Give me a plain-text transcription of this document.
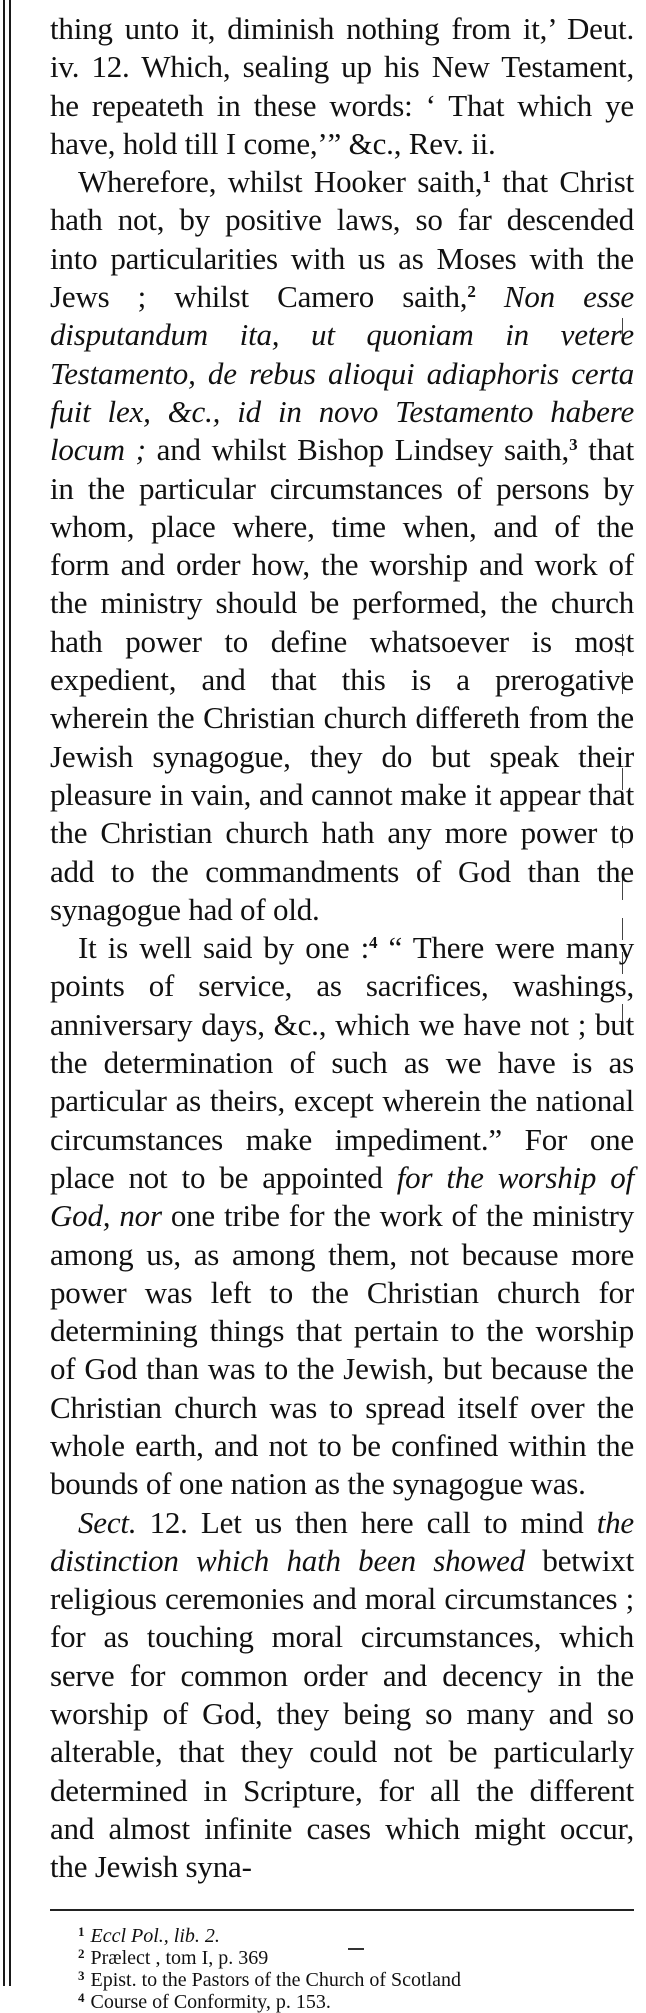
thing unto it, diminish nothing from it,’ Deut. iv. 12. Which, sealing up his New Testament, he repeateth in these words: ‘ That which ye have, hold till I come,’” &c., Rev. ii.

Wherefore, whilst Hooker saith,$^1$ that Christ hath not, by positive laws, so far descended into particularities with us as Moses with the Jews ; whilst Camero saith,$^2$ Non esse disputandum ita, ut quoniam in vetere Testamento, de rebus alioqui adiaphoris certa fuit lex, &c., id in novo Testamento habere locum ; and whilst Bishop Lindsey saith,$^3$ that in the particular circumstances of persons by whom, place where, time when, and of the form and order how, the worship and work of the ministry should be performed, the church hath power to define whatsoever is most expedient, and that this is a prerogative wherein the Christian church differeth from the Jewish synagogue, they do but speak their pleasure in vain, and cannot make it appear that the Christian church hath any more power to add to the commandments of God than the synagogue had of old.

It is well said by one :$^4$ “ There were many points of service, as sacrifices, washings, anniversary days, &c., which we have not ; but the determination of such as we have is as particular as theirs, except wherein the national circumstances make impediment.” For one place not to be appointed for the worship of God, nor one tribe for the work of the ministry among us, as among them, not because more power was left to the Christian church for determining things that pertain to the worship of God than was to the Jewish, but because the Christian church was to spread itself over the whole earth, and not to be confined within the bounds of one nation as the synagogue was.

Sect. 12. Let us then here call to mind the distinction which hath been showed betwixt religious ceremonies and moral circumstances ; for as touching moral circumstances, which serve for common order and decency in the worship of God, they being so many and so alterable, that they could not be particularly determined in Scripture, for all the different and almost infinite cases which might occur, the Jewish syna-

$^1$ Eccl Pol., lib. 2.

$^2$ Prælect , tom I, p. 369

$^3$ Epist. to the Pastors of the Church of Scotland

$^4$ Course of Conformity, p. 153.
